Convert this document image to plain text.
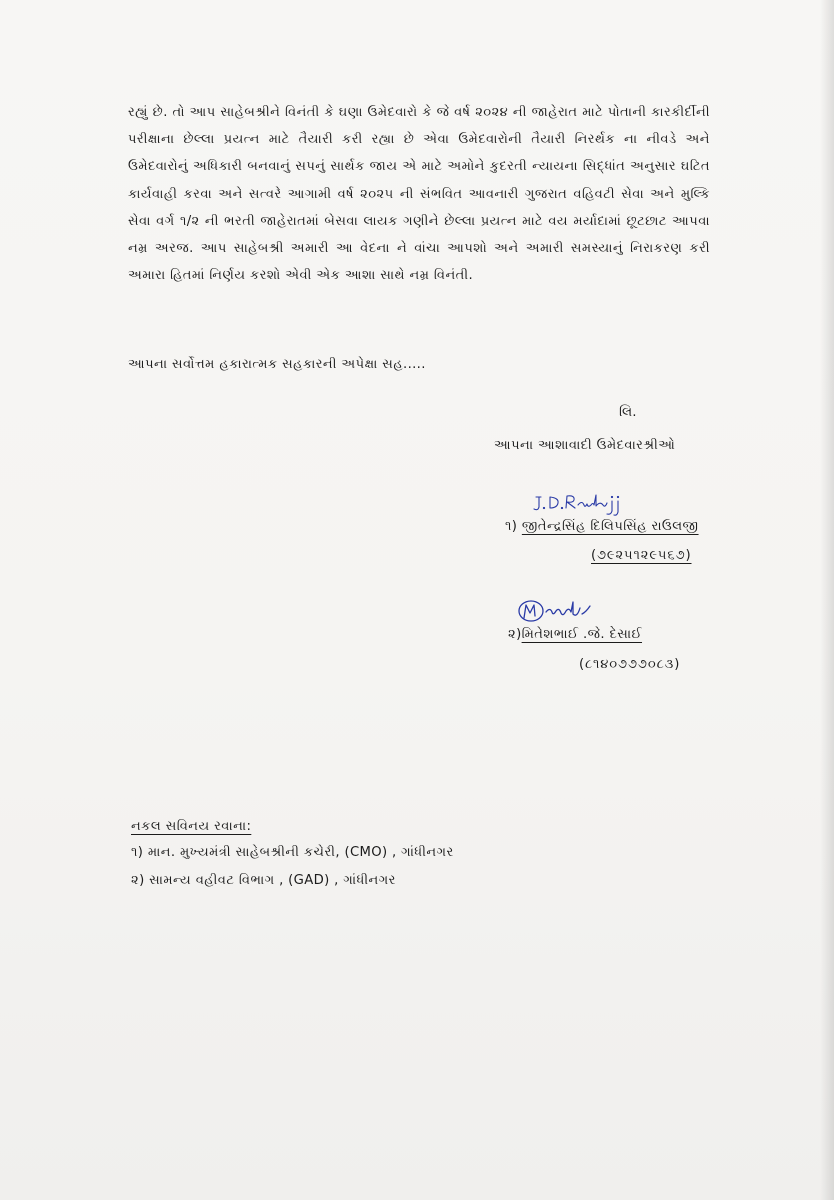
રહ્યું છે. તો આપ સાહેબશ્રીને વિનંતી કે ઘણા ઉમેદવારો કે જે વર્ષ ૨૦૨૪ ની જાહેરાત માટે પોતાની કારકીર્દીની પરીક્ષાના છેલ્લા પ્રયત્ન માટે તૈયારી કરી રહ્યા છે એવા ઉમેદવારોની તૈયારી નિરર્થક ના નીવડે અને ઉમેદવારોનું અધિકારી બનવાનું સપનું સાર્થક જાય એ માટે અમોને કુદરતી ન્યાયના સિદ્ધાંત અનુસાર ઘટિત કાર્યવાહી કરવા અને સત્વરે આગામી વર્ષ ૨૦૨૫ ની સંભવિત આવનારી ગુજરાત વહિવટી સેવા અને મુલ્કિ સેવા વર્ગ ૧/૨ ની ભરતી જાહેરાતમાં બેસવા લાયક ગણીને છેલ્લા પ્રયત્ન માટે વય મર્યાદામાં છૂટછાટ આપવા નમ્ર અરજ. આપ સાહેબશ્રી અમારી આ વેદના ને વાંચા આપશો અને અમારી સમસ્યાનું નિરાકરણ કરી અમારા હિતમાં નિર્ણય કરશો એવી એક આશા સાથે નમ્ર વિનંતી.

આપના સર્વોત્તમ હકારાત્મક સહકારની અપેક્ષા સહ.....

લિ.

આપના આશાવાદી ઉમેદવારશ્રીઓ

૧) જીતેન્દ્રસિંહ દિલિપસિંહ રાઉલજી

(૭૯૨૫૧૨૯૫૬૭)

૨)મિતેશભાઈ .જે. દેસાઈ

(૮૧૪૦૭૭૭૦૮૩)

નકલ સવિનય રવાના:

૧) માન. મુખ્યમંત્રી સાહેબશ્રીની કચેરી, (CMO) , ગાંધીનગર

૨) સામન્ય વહીવટ વિભાગ , (GAD) , ગાંધીનગર
